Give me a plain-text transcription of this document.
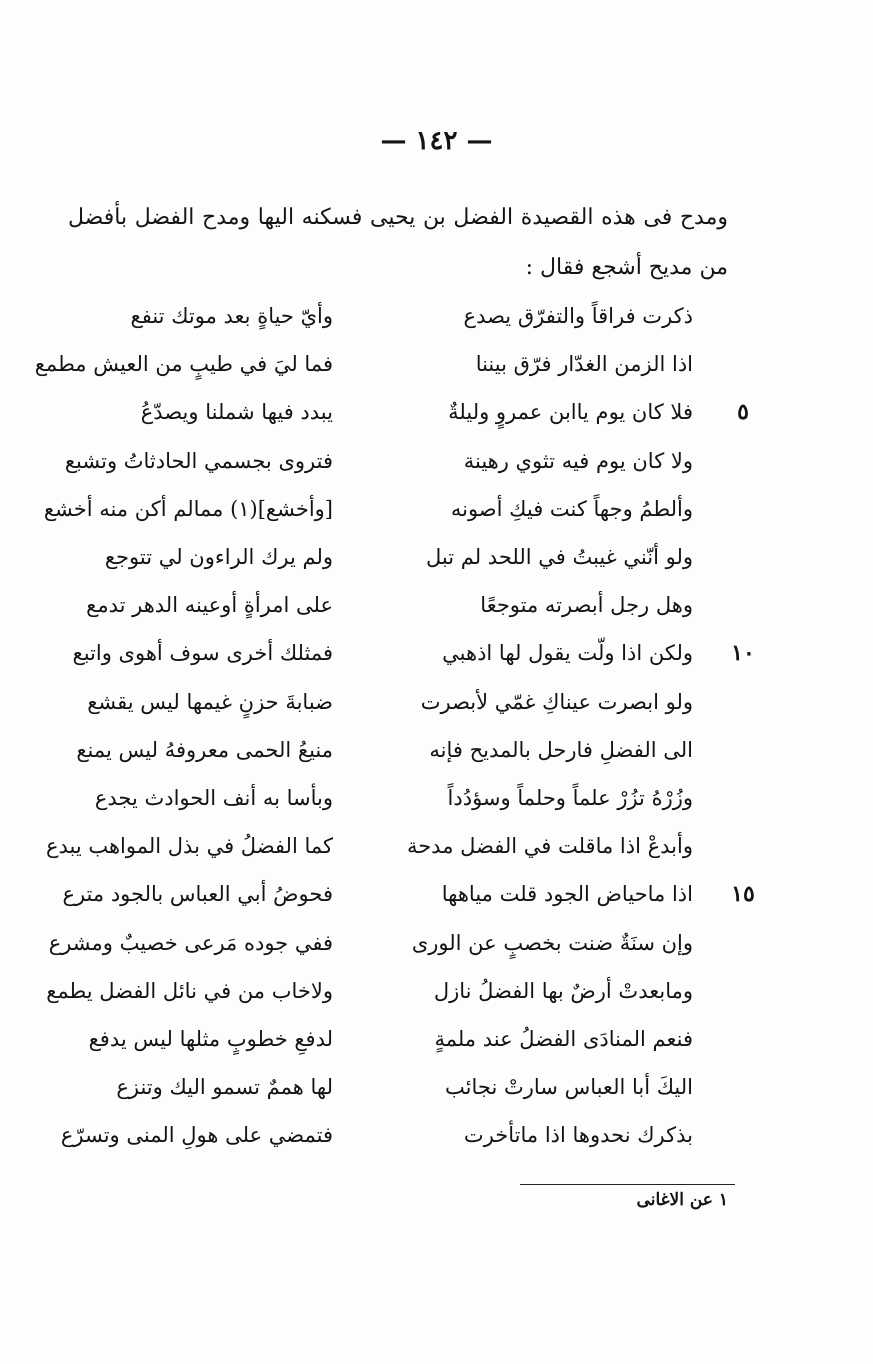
— ١٤٢ —

ومدح فى هذه القصيدة الفضل بن يحيى فسكنه اليها ومدح الفضل بأفضل

من مديح أشجع فقال :

ذكرت فراقاً والتفرّق يصدع
وأيّ حياةٍ بعد موتك تنفع
اذا الزمن الغدّار فرّق بيننا
فما ليَ في طيبٍ من العيش مطمع
٥
فلا كان يوم ياابن عمروٍ وليلةٌ
يبدد فيها شملنا ويصدّعُ
ولا كان يوم فيه تثوي رهينة
فتروى بجسمي الحادثاتُ وتشبع
وألطمُ وجهاً كنت فيكِ أصونه
[وأخشع](١) ممالم أكن منه أخشع
ولو أنّني غيبتُ في اللحد لم تبل
ولم يرك الراءون لي تتوجع
وهل رجل أبصرته متوجعًا
على امرأةٍ أوعينه الدهر تدمع
١٠
ولكن اذا ولّت يقول لها اذهبي
فمثلك أخرى سوف أهوى واتبع
ولو ابصرت عيناكِ غمّي لأبصرت
ضبابةَ حزنٍ غيمها ليس يقشع
الى الفضلِ فارحل بالمديح فإنه
منيعُ الحمى معروفهُ ليس يمنع
وزُرْهُ تزُرْ علماً وحلماً وسؤدُداً
وبأسا به أنف الحوادث يجدع
وأبدعْ اذا ماقلت في الفضل مدحة
كما الفضلُ في بذل المواهب يبدع
١٥
اذا ماحياض الجود قلت مياهها
فحوضُ أبي العباس بالجود مترع
وإن سنَةٌ ضنت بخصبٍ عن الورى
ففي جوده مَرعى خصيبٌ ومشرع
ومابعدتْ أرضٌ بها الفضلُ نازل
ولاخاب من في نائل الفضل يطمع
فنعم المنادَى الفضلُ عند ملمةٍ
لدفعِ خطوبٍ مثلها ليس يدفع
اليكَ أبا العباس سارتْ نجائب
لها هممٌ تسمو اليك وتنزع
بذكرك نحدوها اذا ماتأخرت
فتمضي على هولِ المنى وتسرّع
١ عن الاغانى
